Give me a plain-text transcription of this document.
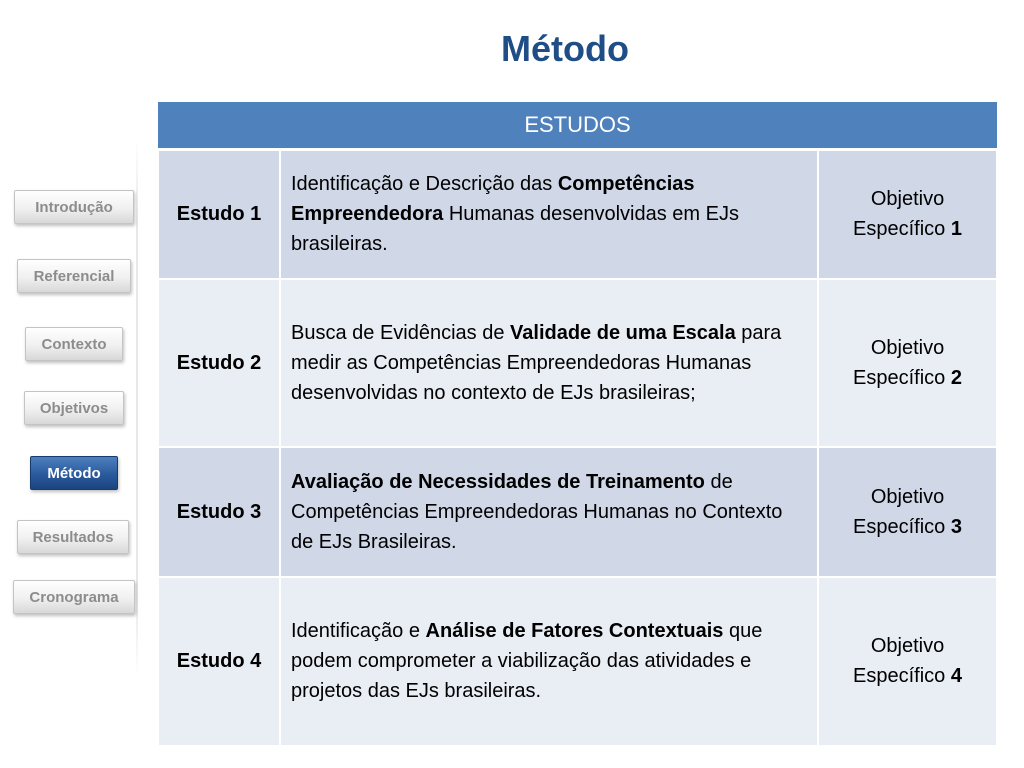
Método
Introdução
Referencial
Contexto
Objetivos
Método
Resultados
Cronograma
ESTUDOS		
Estudo 1	Identificação e Descrição das Competências Empreendedora Humanas desenvolvidas em EJs brasileiras.	Objetivo Específico 1
Estudo 2	Busca de Evidências de Validade de uma Escala para medir as Competências Empreendedoras Humanas desenvolvidas no contexto de EJs brasileiras;	Objetivo Específico 2
Estudo 3	Avaliação de Necessidades de Treinamento de Competências Empreendedoras Humanas no Contexto de EJs Brasileiras.	Objetivo Específico 3
Estudo 4	Identificação e Análise de Fatores Contextuais que podem comprometer a viabilização das atividades e projetos das EJs brasileiras.	Objetivo Específico 4
